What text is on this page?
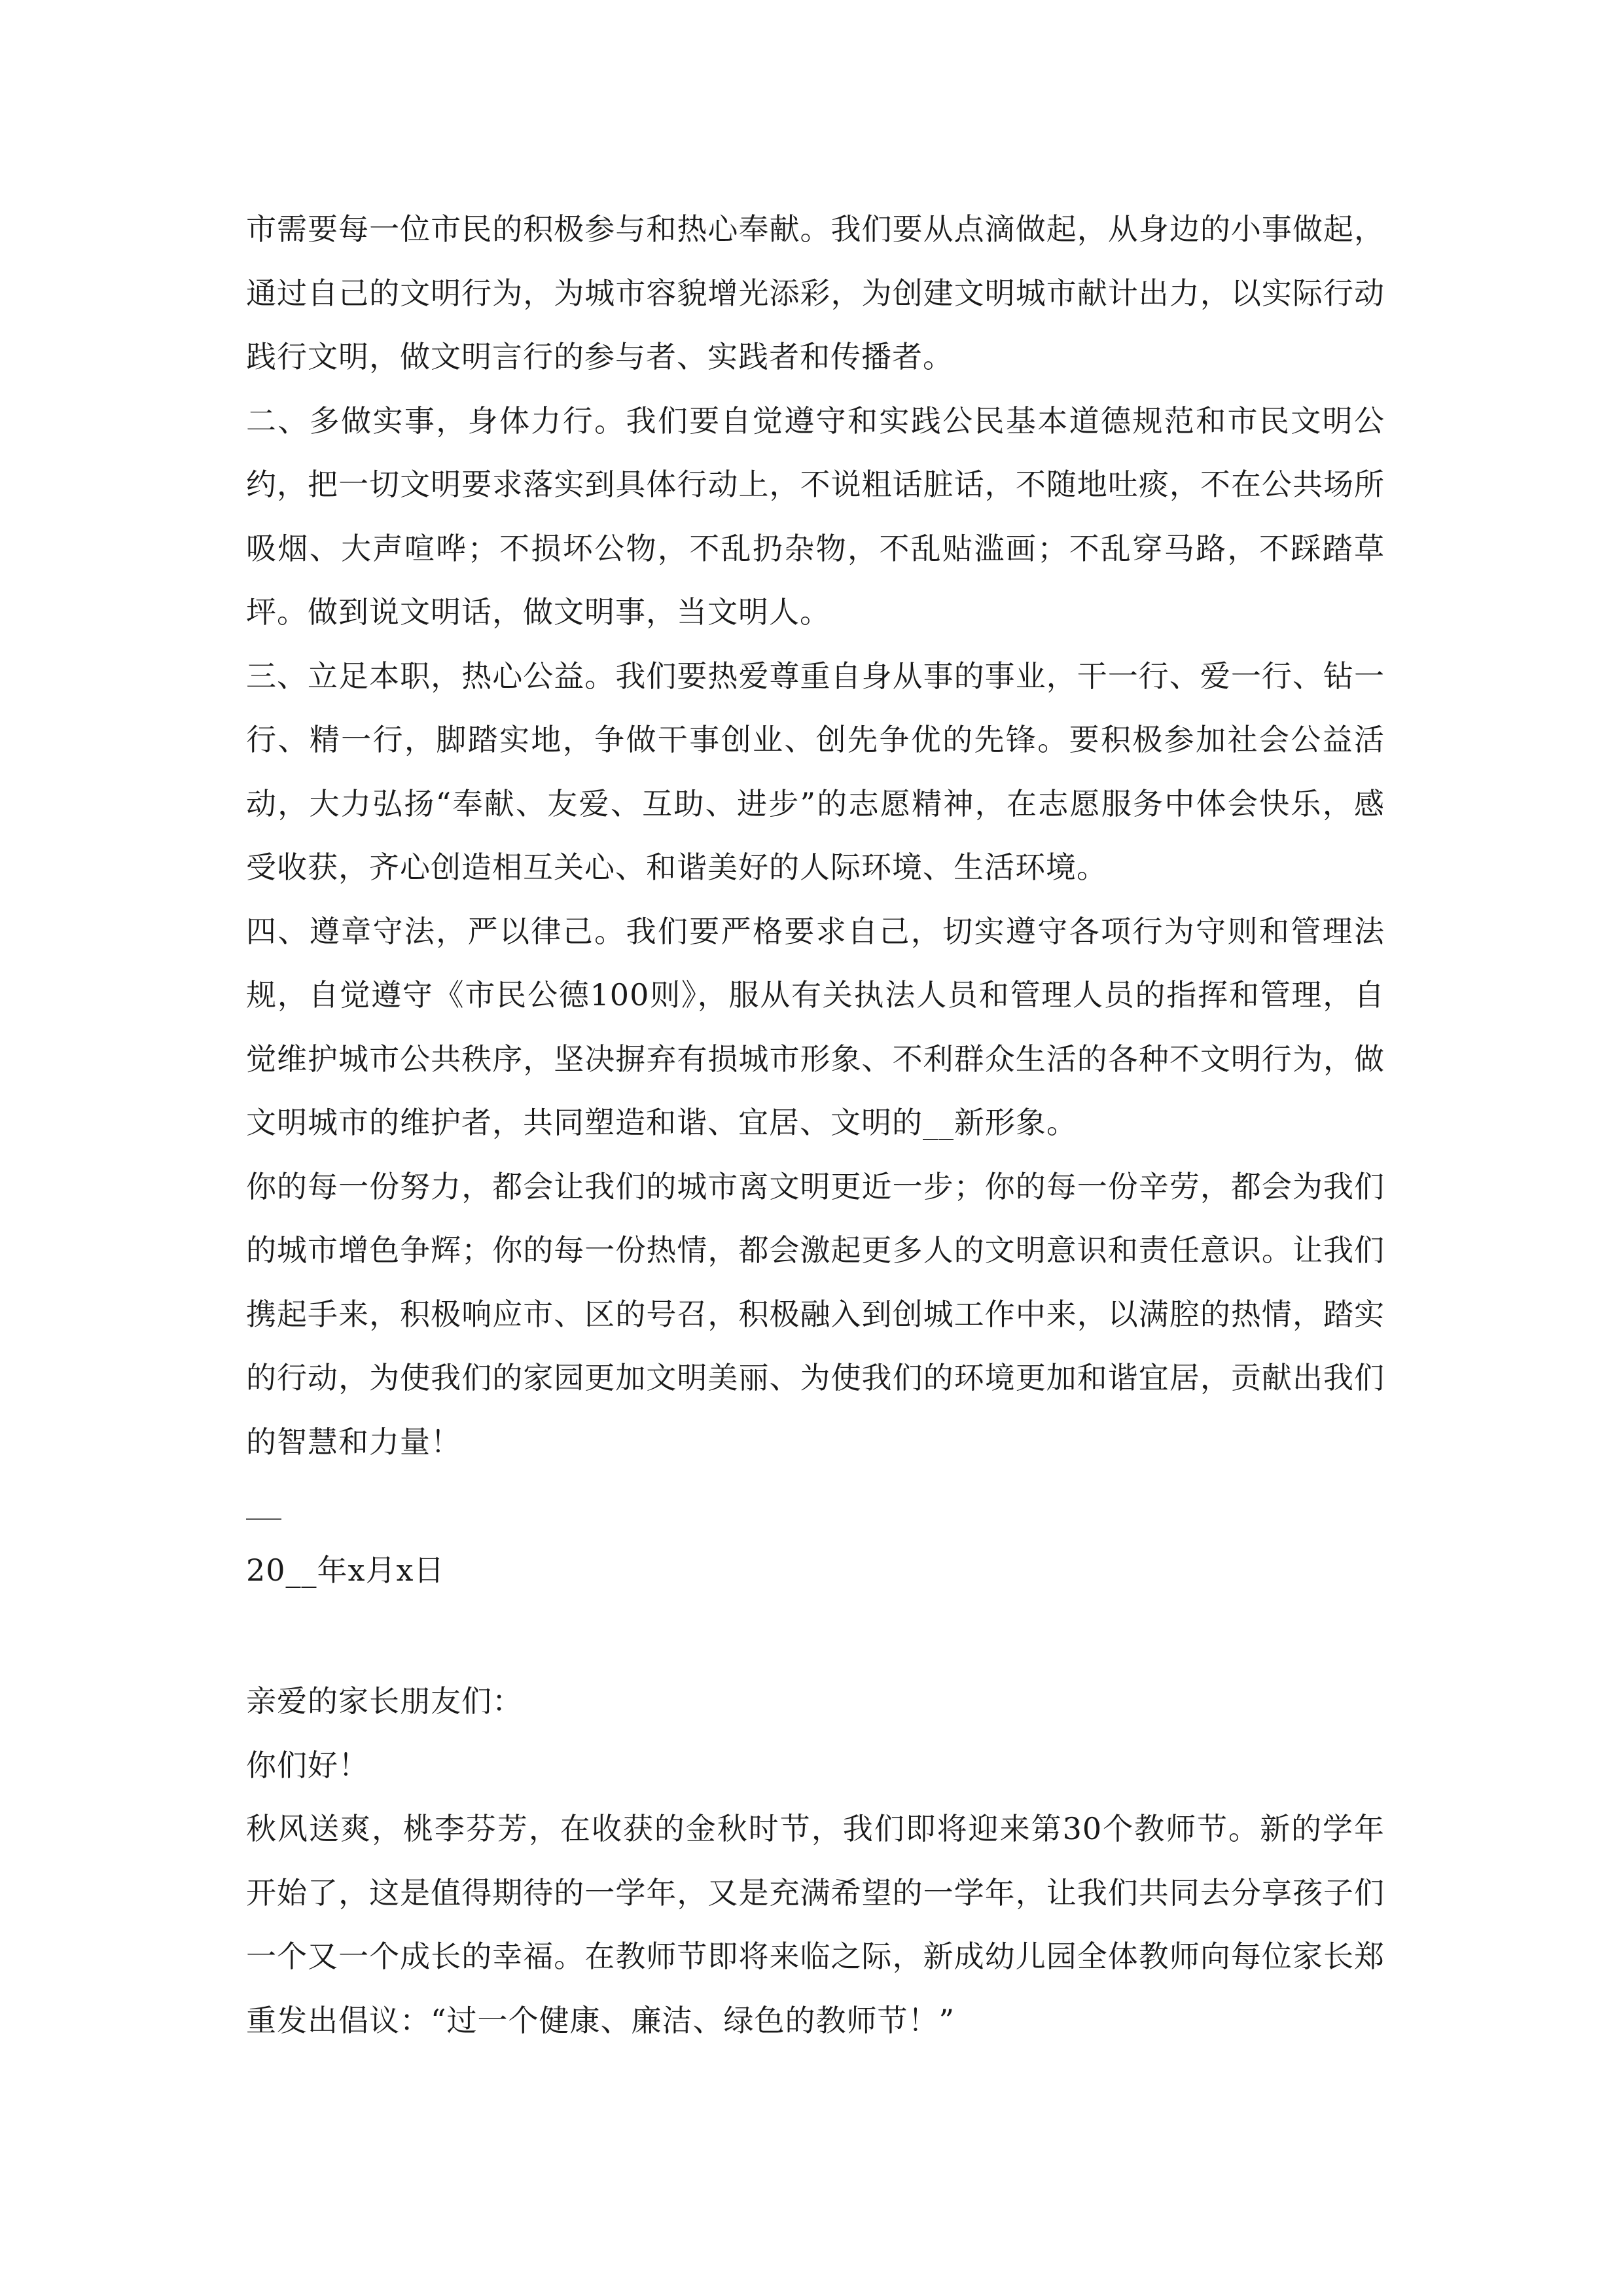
市需要每一位市民的积极参与和热心奉献。我们要从点滴做起，从身边的小事做起，通过自己的文明行为，为城市容貌增光添彩，为创建文明城市献计出力，以实际行动践行文明，做文明言行的参与者、实践者和传播者。

二、多做实事，身体力行。我们要自觉遵守和实践公民基本道德规范和市民文明公约，把一切文明要求落实到具体行动上，不说粗话脏话，不随地吐痰，不在公共场所吸烟、大声喧哗；不损坏公物，不乱扔杂物，不乱贴滥画；不乱穿马路，不踩踏草坪。做到说文明话，做文明事，当文明人。

三、立足本职，热心公益。我们要热爱尊重自身从事的事业，干一行、爱一行、钻一行、精一行，脚踏实地，争做干事创业、创先争优的先锋。要积极参加社会公益活动，大力弘扬“奉献、友爱、互助、进步”的志愿精神，在志愿服务中体会快乐，感受收获，齐心创造相互关心、和谐美好的人际环境、生活环境。

四、遵章守法，严以律己。我们要严格要求自己，切实遵守各项行为守则和管理法规，自觉遵守《市民公德100则》，服从有关执法人员和管理人员的指挥和管理，自觉维护城市公共秩序，坚决摒弃有损城市形象、不利群众生活的各种不文明行为，做文明城市的维护者，共同塑造和谐、宜居、文明的__新形象。

你的每一份努力，都会让我们的城市离文明更近一步；你的每一份辛劳，都会为我们的城市增色争辉；你的每一份热情，都会激起更多人的文明意识和责任意识。让我们携起手来，积极响应市、区的号召，积极融入到创城工作中来，以满腔的热情，踏实的行动，为使我们的家园更加文明美丽、为使我们的环境更加和谐宜居，贡献出我们的智慧和力量！

20__年x月x日

亲爱的家长朋友们：

你们好！

秋风送爽，桃李芬芳，在收获的金秋时节，我们即将迎来第30个教师节。新的学年开始了，这是值得期待的一学年，又是充满希望的一学年，让我们共同去分享孩子们一个又一个成长的幸福。在教师节即将来临之际，新成幼儿园全体教师向每位家长郑重发出倡议：“过一个健康、廉洁、绿色的教师节！”
